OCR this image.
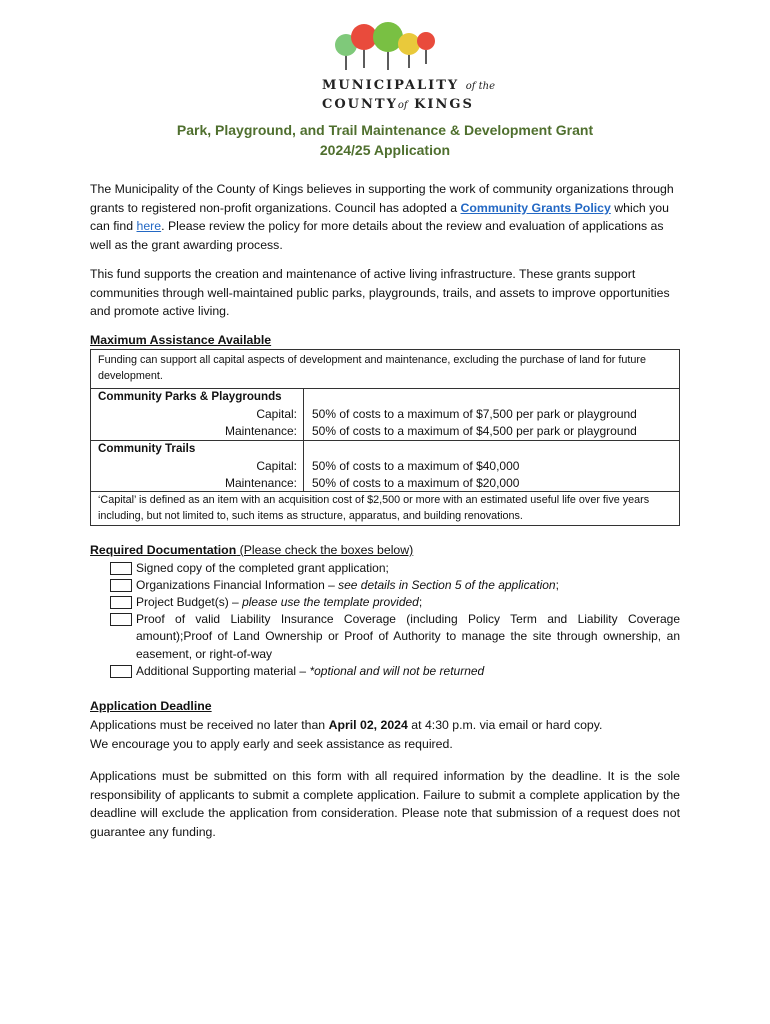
MUNICIPALITY of the
COUNTYof KINGS
Park, Playground, and Trail Maintenance & Development Grant
2024/25 Application
The Municipality of the County of Kings believes in supporting the work of community organizations through grants to registered non-profit organizations. Council has adopted a Community Grants Policy which you can find here. Please review the policy for more details about the review and evaluation of applications as well as the grant awarding process.
This fund supports the creation and maintenance of active living infrastructure. These grants support communities through well-maintained public parks, playgrounds, trails, and assets to improve opportunities and promote active living.
Maximum Assistance Available
Funding can support all capital aspects of development and maintenance, excluding the purchase of land for future development.
Community Parks & Playgrounds
Capital: 50% of costs to a maximum of $7,500 per park or playground
Maintenance: 50% of costs to a maximum of $4,500 per park or playground
Community Trails
Capital: 50% of costs to a maximum of $40,000
Maintenance: 50% of costs to a maximum of $20,000
‘Capital’ is defined as an item with an acquisition cost of $2,500 or more with an estimated useful life over five years including, but not limited to, such items as structure, apparatus, and building renovations.
Required Documentation (Please check the boxes below)
Signed copy of the completed grant application;
Organizations Financial Information – see details in Section 5 of the application;
Project Budget(s) – please use the template provided;
Proof of valid Liability Insurance Coverage (including Policy Term and Liability Coverage amount);Proof of Land Ownership or Proof of Authority to manage the site through ownership, an easement, or right-of-way
Additional Supporting material – *optional and will not be returned
Application Deadline
Applications must be received no later than April 02, 2024 at 4:30 p.m. via email or hard copy.
We encourage you to apply early and seek assistance as required.
Applications must be submitted on this form with all required information by the deadline. It is the sole responsibility of applicants to submit a complete application. Failure to submit a complete application by the deadline will exclude the application from consideration. Please note that submission of a request does not guarantee any funding.
